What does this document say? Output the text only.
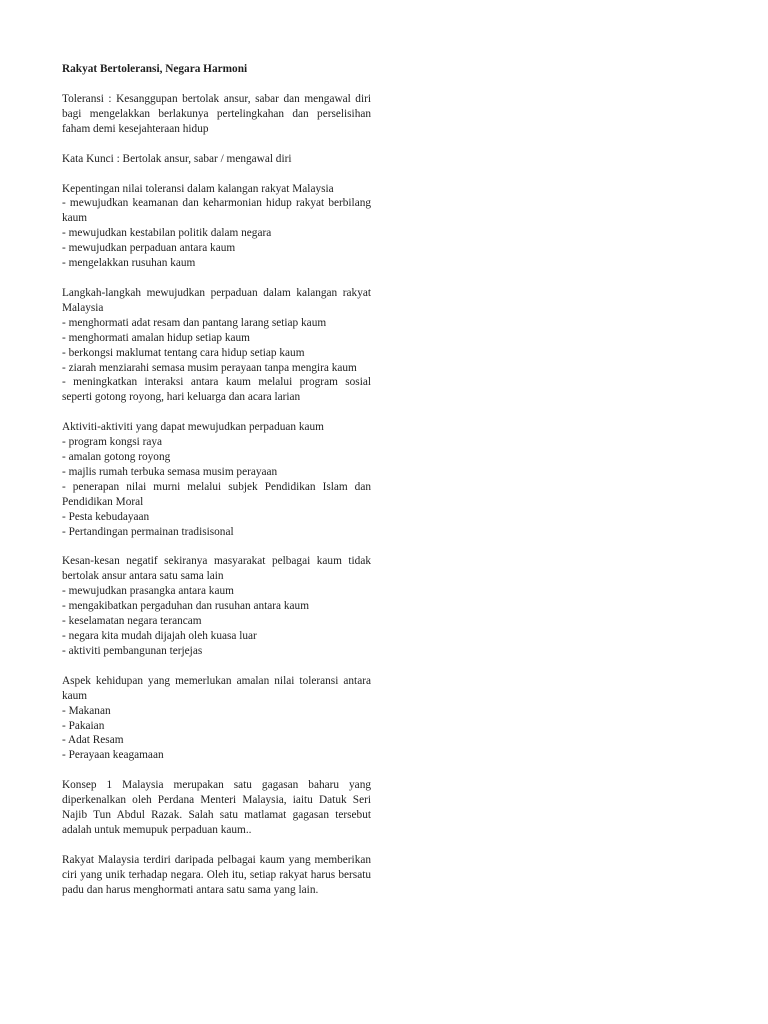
Rakyat Bertoleransi, Negara Harmoni
Toleransi : Kesanggupan bertolak ansur, sabar dan mengawal diri bagi mengelakkan berlakunya pertelingkahan dan perselisihan faham demi kesejahteraan hidup
Kata Kunci : Bertolak ansur, sabar / mengawal diri
Kepentingan nilai toleransi dalam kalangan rakyat Malaysia
- mewujudkan keamanan dan keharmonian hidup rakyat berbilang kaum
- mewujudkan kestabilan politik dalam negara
- mewujudkan perpaduan antara kaum
- mengelakkan rusuhan kaum
Langkah-langkah mewujudkan perpaduan dalam kalangan rakyat Malaysia
- menghormati adat resam dan pantang larang setiap kaum
- menghormati amalan hidup setiap kaum
- berkongsi maklumat tentang cara hidup setiap kaum
- ziarah menziarahi semasa musim perayaan tanpa mengira kaum
- meningkatkan interaksi antara kaum melalui program sosial seperti gotong royong, hari keluarga dan acara larian
Aktiviti-aktiviti yang dapat mewujudkan perpaduan kaum
- program kongsi raya
- amalan gotong royong
- majlis rumah terbuka semasa musim perayaan
- penerapan nilai murni melalui subjek Pendidikan Islam dan Pendidikan Moral
- Pesta kebudayaan
- Pertandingan permainan tradisisonal
Kesan-kesan negatif sekiranya masyarakat pelbagai kaum tidak bertolak ansur antara satu sama lain
- mewujudkan prasangka antara kaum
- mengakibatkan pergaduhan dan rusuhan antara kaum
- keselamatan negara terancam
- negara kita mudah dijajah oleh kuasa luar
- aktiviti pembangunan terjejas
Aspek kehidupan yang memerlukan amalan nilai toleransi antara kaum
- Makanan
- Pakaian
- Adat Resam
- Perayaan keagamaan
Konsep 1 Malaysia merupakan satu gagasan baharu yang diperkenalkan oleh Perdana Menteri Malaysia, iaitu Datuk Seri Najib Tun Abdul Razak. Salah satu matlamat gagasan tersebut adalah untuk memupuk perpaduan kaum..
Rakyat Malaysia terdiri daripada pelbagai kaum yang memberikan ciri yang unik terhadap negara. Oleh itu, setiap rakyat harus bersatu padu dan harus menghormati antara satu sama yang lain.
